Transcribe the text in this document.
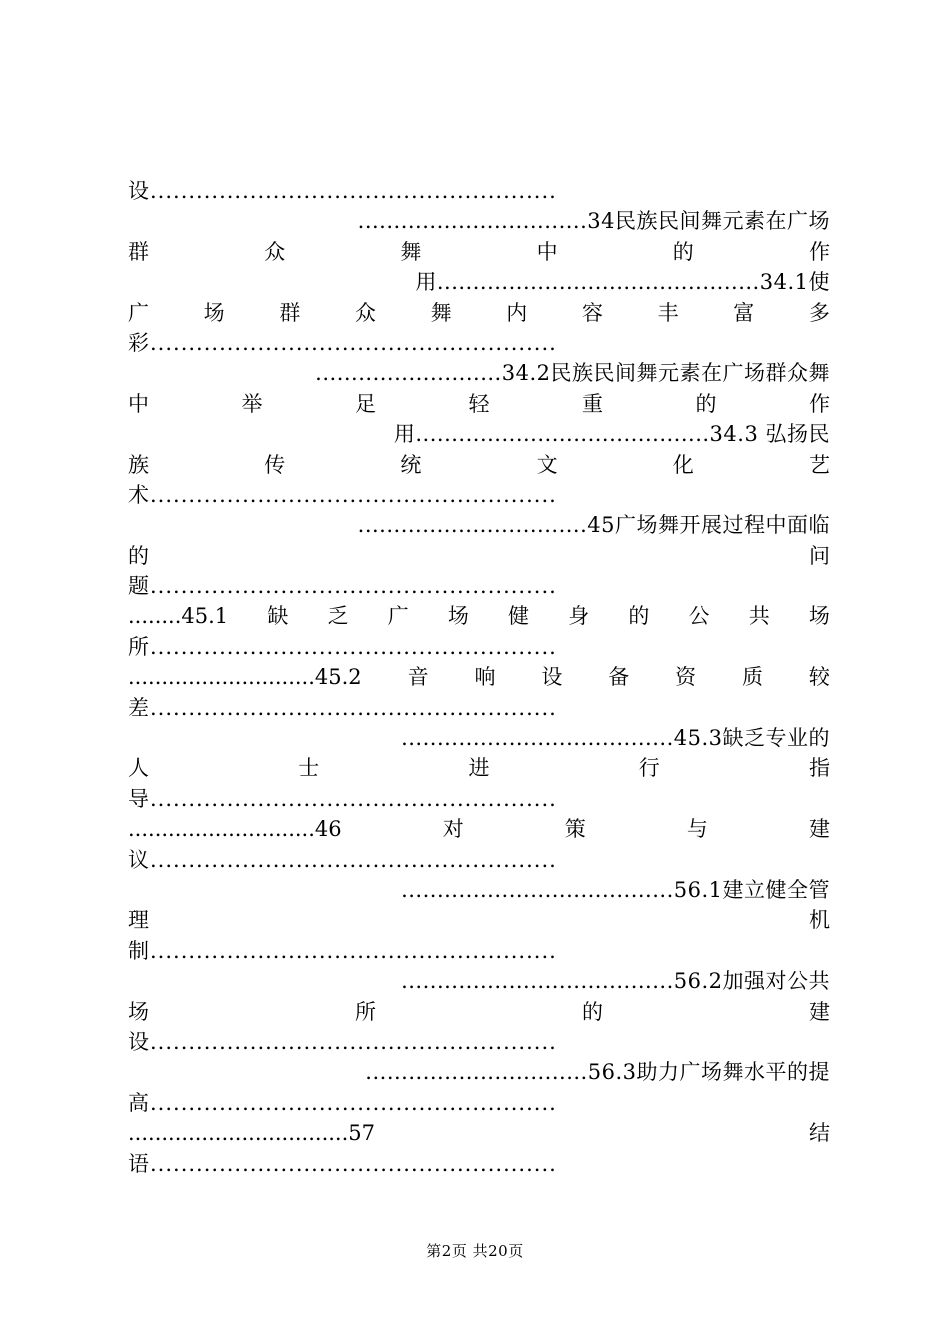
设.....................................................
................................34民族民间舞元素在广场
群	众	舞	中	的	作
用.............................................34.1使
广	场	群	众	舞	内	容	丰	富	多
彩.....................................................
..........................34.2民族民间舞元素在广场群众舞
中	举	足	轻	重	的	作
用.........................................34.3 弘扬民
族	传	统	文	化	艺
术.....................................................
................................45广场舞开展过程中面临
的	问
题.....................................................
........45.1 缺 乏 广 场 健 身 的 公 共 场
所.....................................................
............................45.2 音 响 设 备 资 质 较
差.....................................................
......................................45.3缺乏专业的
人	士	进	行	指
导.....................................................
............................46	对	策	与	建
议.....................................................
......................................56.1建立健全管
理	机
制.....................................................
......................................56.2加强对公共
场	所	的	建
设.....................................................
...............................56.3助力广场舞水平的提
高.....................................................
.................................57	结
语.....................................................
第2页 共20页
